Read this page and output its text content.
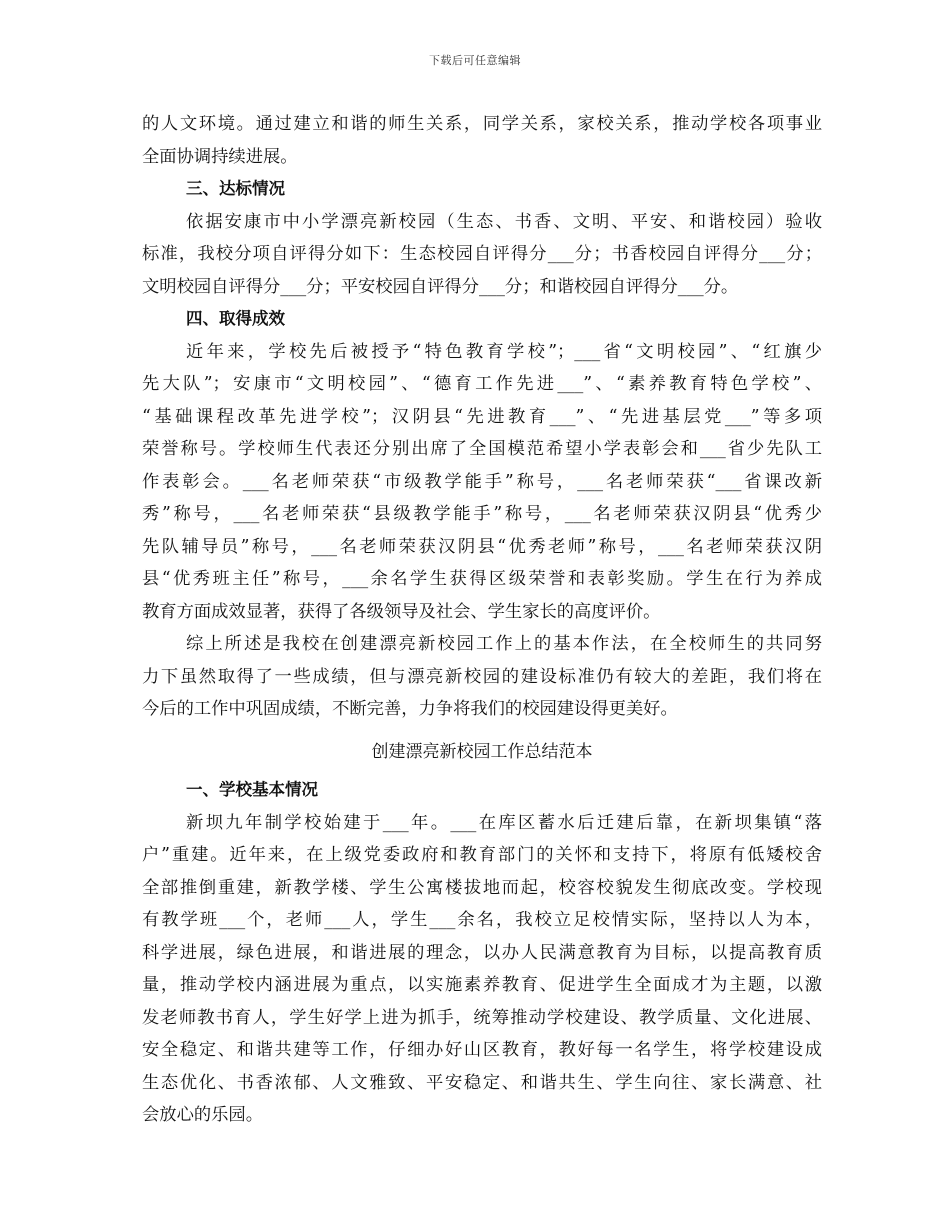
下载后可任意编辑
的人文环境。通过建立和谐的师生关系，同学关系，家校关系，推动学校各项事业
全面协调持续进展。
三、达标情况
依据安康市中小学漂亮新校园（生态、书香、文明、平安、和谐校园）验收
标准，我校分项自评得分如下：生态校园自评得分___分；书香校园自评得分___分；
文明校园自评得分___分；平安校园自评得分___分；和谐校园自评得分___分。
四、取得成效
近年来，学校先后被授予“特色教育学校”；___省“文明校园”、“红旗少
先大队”；安康市“文明校园”、“德育工作先进___”、“素养教育特色学校”、
“基础课程改革先进学校”；汉阴县“先进教育___”、“先进基层党___”等多项
荣誉称号。学校师生代表还分别出席了全国模范希望小学表彰会和___省少先队工
作表彰会。___名老师荣获“市级教学能手”称号，___名老师荣获“___省课改新
秀”称号，___名老师荣获“县级教学能手”称号，___名老师荣获汉阴县“优秀少
先队辅导员”称号，___名老师荣获汉阴县“优秀老师”称号，___名老师荣获汉阴
县“优秀班主任”称号，___余名学生获得区级荣誉和表彰奖励。学生在行为养成
教育方面成效显著，获得了各级领导及社会、学生家长的高度评价。
综上所述是我校在创建漂亮新校园工作上的基本作法，在全校师生的共同努
力下虽然取得了一些成绩，但与漂亮新校园的建设标准仍有较大的差距，我们将在
今后的工作中巩固成绩，不断完善，力争将我们的校园建设得更美好。
创建漂亮新校园工作总结范本
一、学校基本情况
新坝九年制学校始建于___年。___在库区蓄水后迁建后靠，在新坝集镇“落
户”重建。近年来，在上级党委政府和教育部门的关怀和支持下，将原有低矮校舍
全部推倒重建，新教学楼、学生公寓楼拔地而起，校容校貌发生彻底改变。学校现
有教学班___个，老师___人，学生___余名，我校立足校情实际，坚持以人为本，
科学进展，绿色进展，和谐进展的理念，以办人民满意教育为目标，以提高教育质
量，推动学校内涵进展为重点，以实施素养教育、促进学生全面成才为主题，以激
发老师教书育人，学生好学上进为抓手，统筹推动学校建设、教学质量、文化进展、
安全稳定、和谐共建等工作，仔细办好山区教育，教好每一名学生，将学校建设成
生态优化、书香浓郁、人文雅致、平安稳定、和谐共生、学生向往、家长满意、社
会放心的乐园。
